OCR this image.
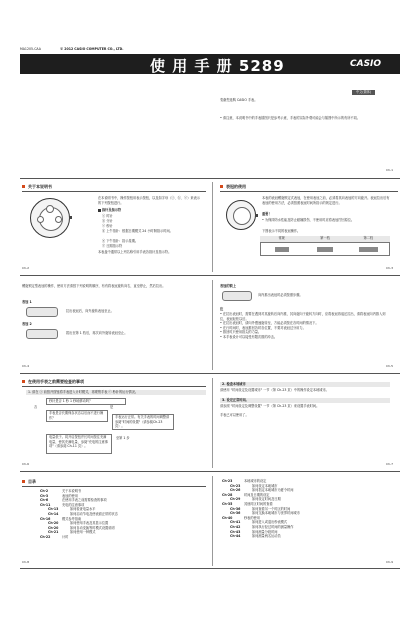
MA1205-CAA	© 2012 CASIO COMPUTER CO., LTD.
使 用 手 册 5289	CASIO
中文(简体)
衷谢您选购 CASIO 手表。
• 请注意，本说明书中的手表插图只是参考示意，手表的实际外观可能会与插图中所示的有所不同。
Ch-1
关于本说明书
在本说明书中，操作按钮用表示按钮，以及如字母（ⓐ、ⓑ、ⓒ）来表示的下列按钮进行。
指针及指示符
ⓐ 时针
ⓑ 分针
ⓒ 秒针
ⓓ 上午指针：根据日期模式 24 小时制指示时间。
ⓔ 下午指针：指示星期。
ⓕ 日期指示符
本表盘中通常以上列名称引用手表各指针及指示符。
Ch-2
表冠的使用
本表的表冠螺旋锁定式表冠，在使用表冠之前，必须将其向表冠的方向旋开。表冠拉出后有表冠的使用方法，必须按照表冠时间所指示的规定进行。
重要！
• 为保持防水性能及防止碰撞损伤，不使用时应将表冠拧回原位。
下图表示不同的表冠操作。
常规	第一档	第二档
Ch-3
螺旋锁定型表冠的操作，使用方法请按下列说明的顺序，有有将表冠旋转向右，直至停止，然后拉出。
表冠 1
拉出表冠后，向外旋转表冠至止。
表冠 2
拔出至第 1 档后，再次向外旋转表冠至止。
Ch-4
表冠的锁上
向内推出表冠时必须按照步骤。
注
• 在拉出表冠时，需要在遇到对其旋转后向内推，其向旋向于旋转方向时，应将表冠再返还拉出，请将表冠向内推入到位，表冠轻松以后。
• 在拉出表冠时，请向外慢速旋转至，方能必须按在各时间的情况下。
• 在行时间时，表冠推回各时各位置，不要对表冠过分用力。
• 推回时只使用指尖的力量。
• 本手表设计可以接受有限次数的冲击。
Ch-5
在使用手表之前需要检查的事项
1. 请在 ⓐ 前按开按钮将手表进入计时模式，再观察手表 ⓒ 秒针的运行情况。
秒针是否 1 秒 1 秒地移动吗？
否	是
手表是否长期保存状态以后而不进行操作？	手表运行正常。有关手表的时间调整请参阅"时间的设置"（请参阅Ch-23 页）。
电量低于。同开启按钮并长时间按住充满电量，使其充满电量，参阅"充电的注意事项"（请参阅 Ch-11 页）。
至第 1 步
Ch-6
2. 检查本地城市
请使用 "时间设定及设置城市" 一节（第 Ch-23 页）中的操作设定本地城市。
3. 设定正常时间。
请参照 "时间设定及调整设置" 一节（第 Ch-23 页）来设置手表时间。
手表已可以使用了。
Ch-7
目录
Ch-2	关于本说明书
Ch-3	表冠的使用
Ch-6	在使用手表之前需要检查的事项
Ch-11	充电的注意事项
Ch-13	如何检查电量水平
Ch-14	如何启动节电及使表面正常的状态
Ch-16	模式参考指南
Ch-20	如何使用手表及其显示位置
Ch-20	如何自动变换等时模式设置说明
Ch-21	如何使用一种模式
Ch-22	计时
Ch-8
Ch-23	本地城市的设定
Ch-23	如何设定本地城市
Ch-26	如何指定本地城市为夏令时间
Ch-28	时间及日期的设定
Ch-29	如何设定时间及日期
Ch-35	其他时区时间的查看
Ch-36	如何查看另一个时区的时间
Ch-36	如何交换本地城市与世界时间城市
Ch-40	秒表的使用
Ch-41	如何进入或退出秒表模式
Ch-42	如何执行经过时间的测量操作
Ch-43	如何测量分段时间
Ch-44	如何测量两名运动员
Ch-9
